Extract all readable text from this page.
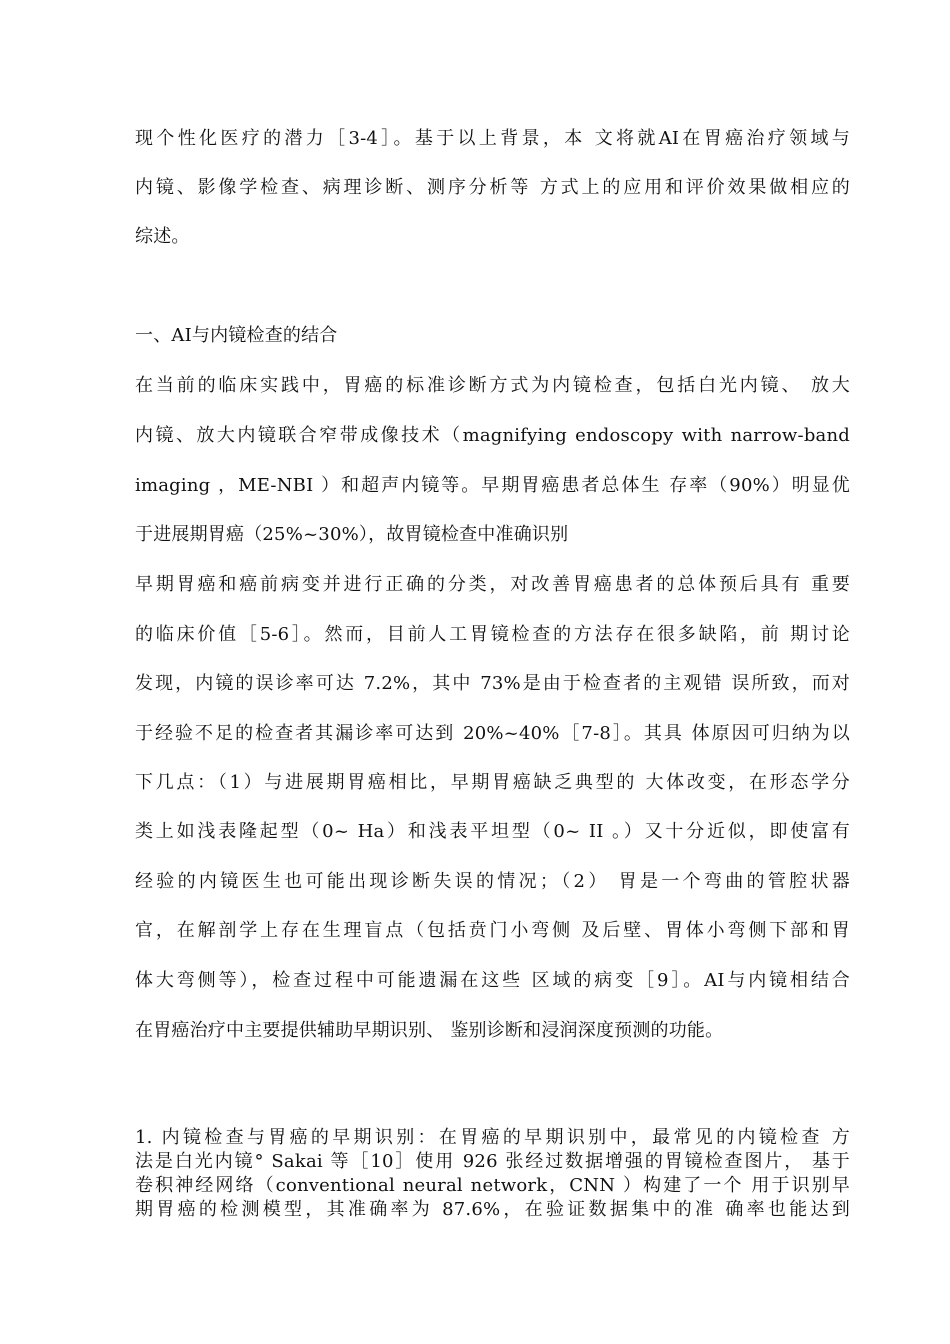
现个性化医疗的潜力［3-4］。基于以上背景，本 文将就AI在胃癌治疗领域与
内镜、影像学检查、病理诊断、测序分析等 方式上的应用和评价效果做相应的
综述。
一、AI与内镜检查的结合
在当前的临床实践中，胃癌的标准诊断方式为内镜检查，包括白光内镜、 放大
内镜、放大内镜联合窄带成像技术（magnifying endoscopy with narrow-band
imaging ，ME-NBI ）和超声内镜等。早期胃癌患者总体生 存率（90%）明显优
于进展期胃癌（25%~30%），故胃镜检查中准确识别
早期胃癌和癌前病变并进行正确的分类，对改善胃癌患者的总体预后具有 重要
的临床价值［5-6］。然而，目前人工胃镜检查的方法存在很多缺陷，前 期讨论
发现，内镜的误诊率可达 7.2%，其中 73%是由于检查者的主观错 误所致，而对
于经验不足的检查者其漏诊率可达到 20%~40%［7-8］。其具 体原因可归纳为以
下几点：（1）与进展期胃癌相比，早期胃癌缺乏典型的 大体改变，在形态学分
类上如浅表隆起型（0~ Ha）和浅表平坦型（0~ II 。）又十分近似，即使富有
经验的内镜医生也可能出现诊断失误的情况；（2） 胃是一个弯曲的管腔状器
官，在解剖学上存在生理盲点（包括贲门小弯侧 及后壁、胃体小弯侧下部和胃
体大弯侧等），检查过程中可能遗漏在这些 区域的病变［9］。AI与内镜相结合
在胃癌治疗中主要提供辅助早期识别、 鉴别诊断和浸润深度预测的功能。
1. 内镜检查与胃癌的早期识别：在胃癌的早期识别中，最常见的内镜检查 方
法是白光内镜° Sakai 等［10］使用 926 张经过数据增强的胃镜检查图片， 基于
卷积神经网络（conventional neural network，CNN ）构建了一个 用于识别早
期胃癌的检测模型，其准确率为 87.6%，在验证数据集中的准 确率也能达到
